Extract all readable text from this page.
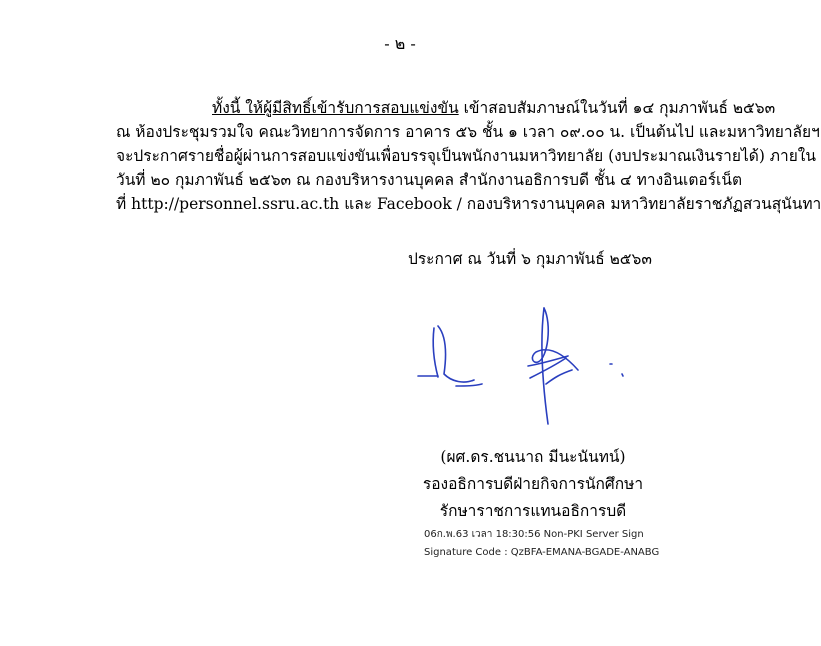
- ๒ -
ทั้งนี้ ให้ผู้มีสิทธิ์เข้ารับการสอบแข่งขัน เข้าสอบสัมภาษณ์ในวันที่ ๑๔ กุมภาพันธ์ ๒๕๖๓
ณ ห้องประชุมรวมใจ คณะวิทยาการจัดการ อาคาร ๕๖ ชั้น ๑ เวลา ๐๙.๐๐ น. เป็นต้นไป และมหาวิทยาลัยฯ
จะประกาศรายชื่อผู้ผ่านการสอบแข่งขันเพื่อบรรจุเป็นพนักงานมหาวิทยาลัย (งบประมาณเงินรายได้) ภายใน
วันที่ ๒๐ กุมภาพันธ์ ๒๕๖๓ ณ กองบริหารงานบุคคล สำนักงานอธิการบดี ชั้น ๔ ทางอินเตอร์เน็ต
ที่ http://personnel.ssru.ac.th และ Facebook / กองบริหารงานบุคคล มหาวิทยาลัยราชภัฏสวนสุนันทา
ประกาศ ณ วันที่ ๖ กุมภาพันธ์ ๒๕๖๓
(ผศ.ดร.ชนนาถ มีนะนันทน์)
รองอธิการบดีฝ่ายกิจการนักศึกษา
รักษาราชการแทนอธิการบดี
06ก.พ.63 เวลา 18:30:56 Non-PKI Server Sign
Signature Code : QzBFA-EMANA-BGADE-ANABG
